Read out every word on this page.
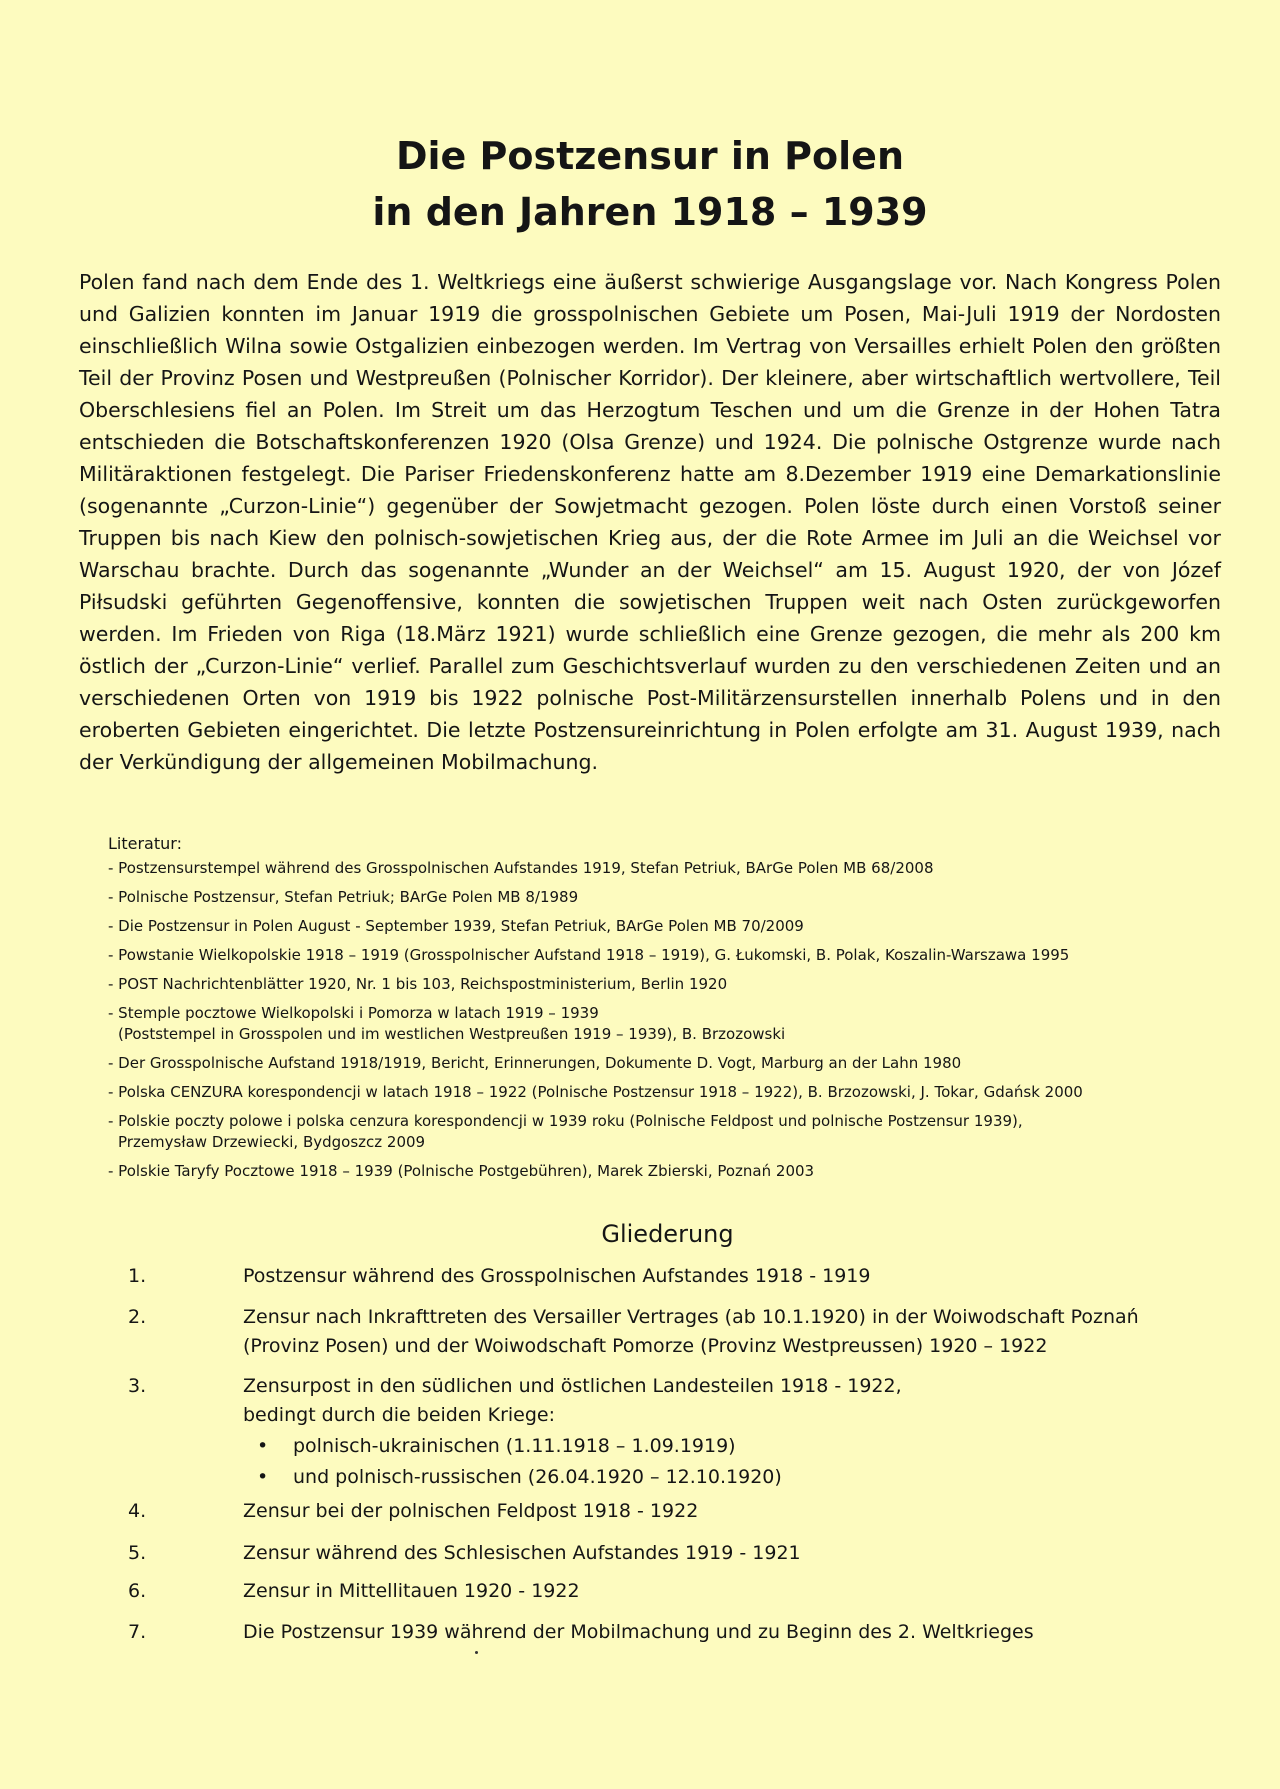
Die Postzensur in Polen
in den Jahren 1918 – 1939

Polen fand nach dem Ende des 1. Weltkriegs eine äußerst schwierige Ausgangslage vor. Nach Kongress Polen und Galizien konnten im Januar 1919 die grosspolnischen Gebiete um Posen, Mai-Juli 1919 der Nordosten einschließlich Wilna sowie Ostgalizien einbezogen werden. Im Vertrag von Versailles erhielt Polen den größten Teil der Provinz Posen und Westpreußen (Polnischer Korridor). Der kleinere, aber wirtschaftlich wertvollere, Teil Oberschlesiens fiel an Polen. Im Streit um das Herzogtum Teschen und um die Grenze in der Hohen Tatra entschieden die Botschaftskonferenzen 1920 (Olsa Grenze) und 1924. Die polnische Ostgrenze wurde nach Militäraktionen festgelegt. Die Pariser Friedenskonferenz hatte am 8.Dezember 1919 eine Demarkationslinie (sogenannte „Curzon-Linie“) gegenüber der Sowjetmacht gezogen. Polen löste durch einen Vorstoß seiner Truppen bis nach Kiew den polnisch-sowjetischen Krieg aus, der die Rote Armee im Juli an die Weichsel vor Warschau brachte. Durch das sogenannte „Wunder an der Weichsel“ am 15. August 1920, der von Józef Piłsudski geführten Gegenoffensive, konnten die sowjetischen Truppen weit nach Osten zurückgeworfen werden. Im Frieden von Riga (18.März 1921) wurde schließlich eine Grenze gezogen, die mehr als 200 km östlich der „Curzon-Linie“ verlief. Parallel zum Geschichtsverlauf wurden zu den verschiedenen Zeiten und an verschiedenen Orten von 1919 bis 1922 polnische Post-Militärzensurstellen innerhalb Polens und in den eroberten Gebieten eingerichtet. Die letzte Postzensureinrichtung in Polen erfolgte am 31. August 1939, nach der Verkündigung der allgemeinen Mobilmachung.

Literatur:
- Postzensurstempel während des Grosspolnischen Aufstandes 1919, Stefan Petriuk, BArGe Polen MB 68/2008
- Polnische Postzensur, Stefan Petriuk; BArGe Polen MB 8/1989
- Die Postzensur in Polen August - September 1939, Stefan Petriuk, BArGe Polen MB 70/2009
- Powstanie Wielkopolskie 1918 – 1919 (Grosspolnischer Aufstand 1918 – 1919), G. Łukomski, B. Polak, Koszalin-Warszawa 1995
- POST Nachrichtenblätter 1920, Nr. 1 bis 103, Reichspostministerium, Berlin 1920
- Stemple pocztowe Wielkopolski i Pomorza w latach 1919 – 1939
(Poststempel in Grosspolen und im westlichen Westpreußen 1919 – 1939), B. Brzozowski
- Der Grosspolnische Aufstand 1918/1919, Bericht, Erinnerungen, Dokumente D. Vogt, Marburg an der Lahn 1980
- Polska CENZURA korespondencji w latach 1918 – 1922 (Polnische Postzensur 1918 – 1922), B. Brzozowski, J. Tokar, Gdańsk 2000
- Polskie poczty polowe i polska cenzura korespondencji w 1939 roku (Polnische Feldpost und polnische Postzensur 1939),
Przemysław Drzewiecki, Bydgoszcz 2009
- Polskie Taryfy Pocztowe 1918 – 1939 (Polnische Postgebühren), Marek Zbierski, Poznań 2003
Gliederung
1.	Postzensur während des Grosspolnischen Aufstandes 1918 - 1919
2.	Zensur nach Inkrafttreten des Versailler Vertrages (ab 10.1.1920) in der Woiwodschaft Poznań
(Provinz Posen) und der Woiwodschaft Pomorze (Provinz Westpreussen) 1920 – 1922
3.	Zensurpost in den südlichen und östlichen Landesteilen 1918 - 1922,
bedingt durch die beiden Kriege:
• polnisch-ukrainischen (1.11.1918 – 1.09.1919)
• und polnisch-russischen (26.04.1920 – 12.10.1920)
4.	Zensur bei der polnischen Feldpost 1918 - 1922
5.	Zensur während des Schlesischen Aufstandes 1919 - 1921
6.	Zensur in Mittellitauen 1920 - 1922
7.	Die Postzensur 1939 während der Mobilmachung und zu Beginn des 2. Weltkrieges
